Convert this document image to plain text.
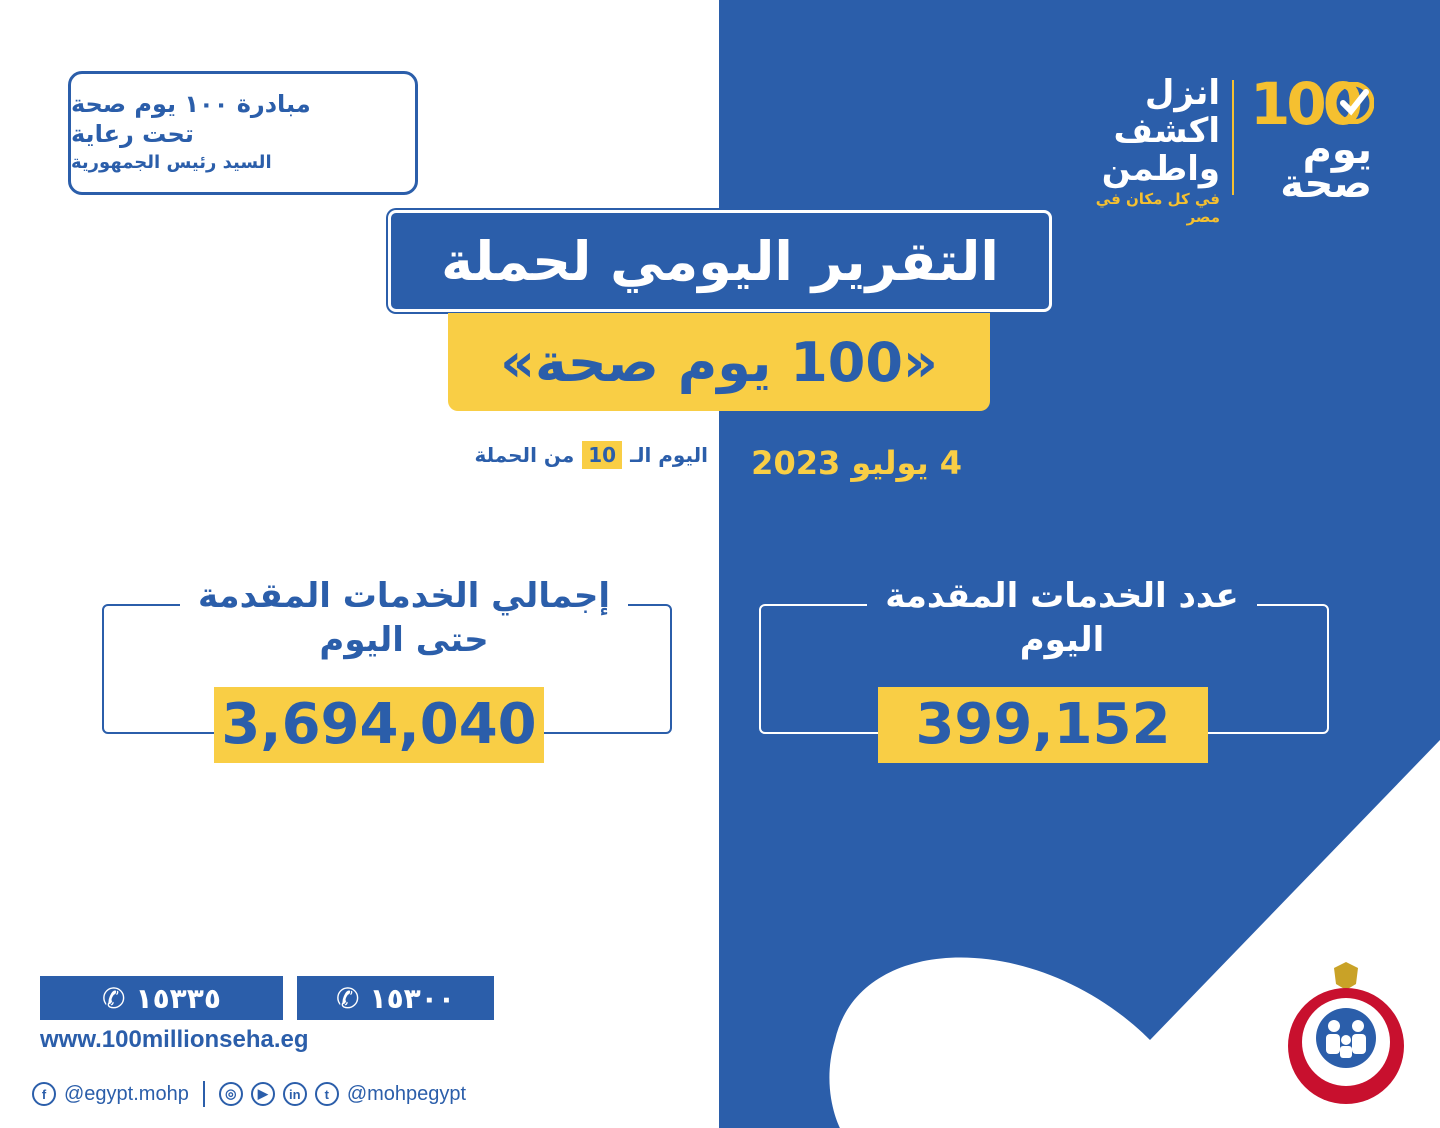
مبادرة ١٠٠ يوم صحة
تحت رعاية
السيد رئيس الجمهورية
100
يوم
صحة
انزل
اكشف
واطمن
في كل مكان في مصر
التقرير اليومي لحملة
«100 يوم صحة»
اليوم الـ
10
من الحملة	4 يوليو 2023
إجمالي الخدمات المقدمة

حتى اليوم
3,694,040
عدد الخدمات المقدمة

اليوم
399,152
✆ ١٥٣٣٥	✆ ١٥٣٠٠
www.100millionseha.eg
f @egypt.mohp	◎	▶	in	t @mohpegypt
